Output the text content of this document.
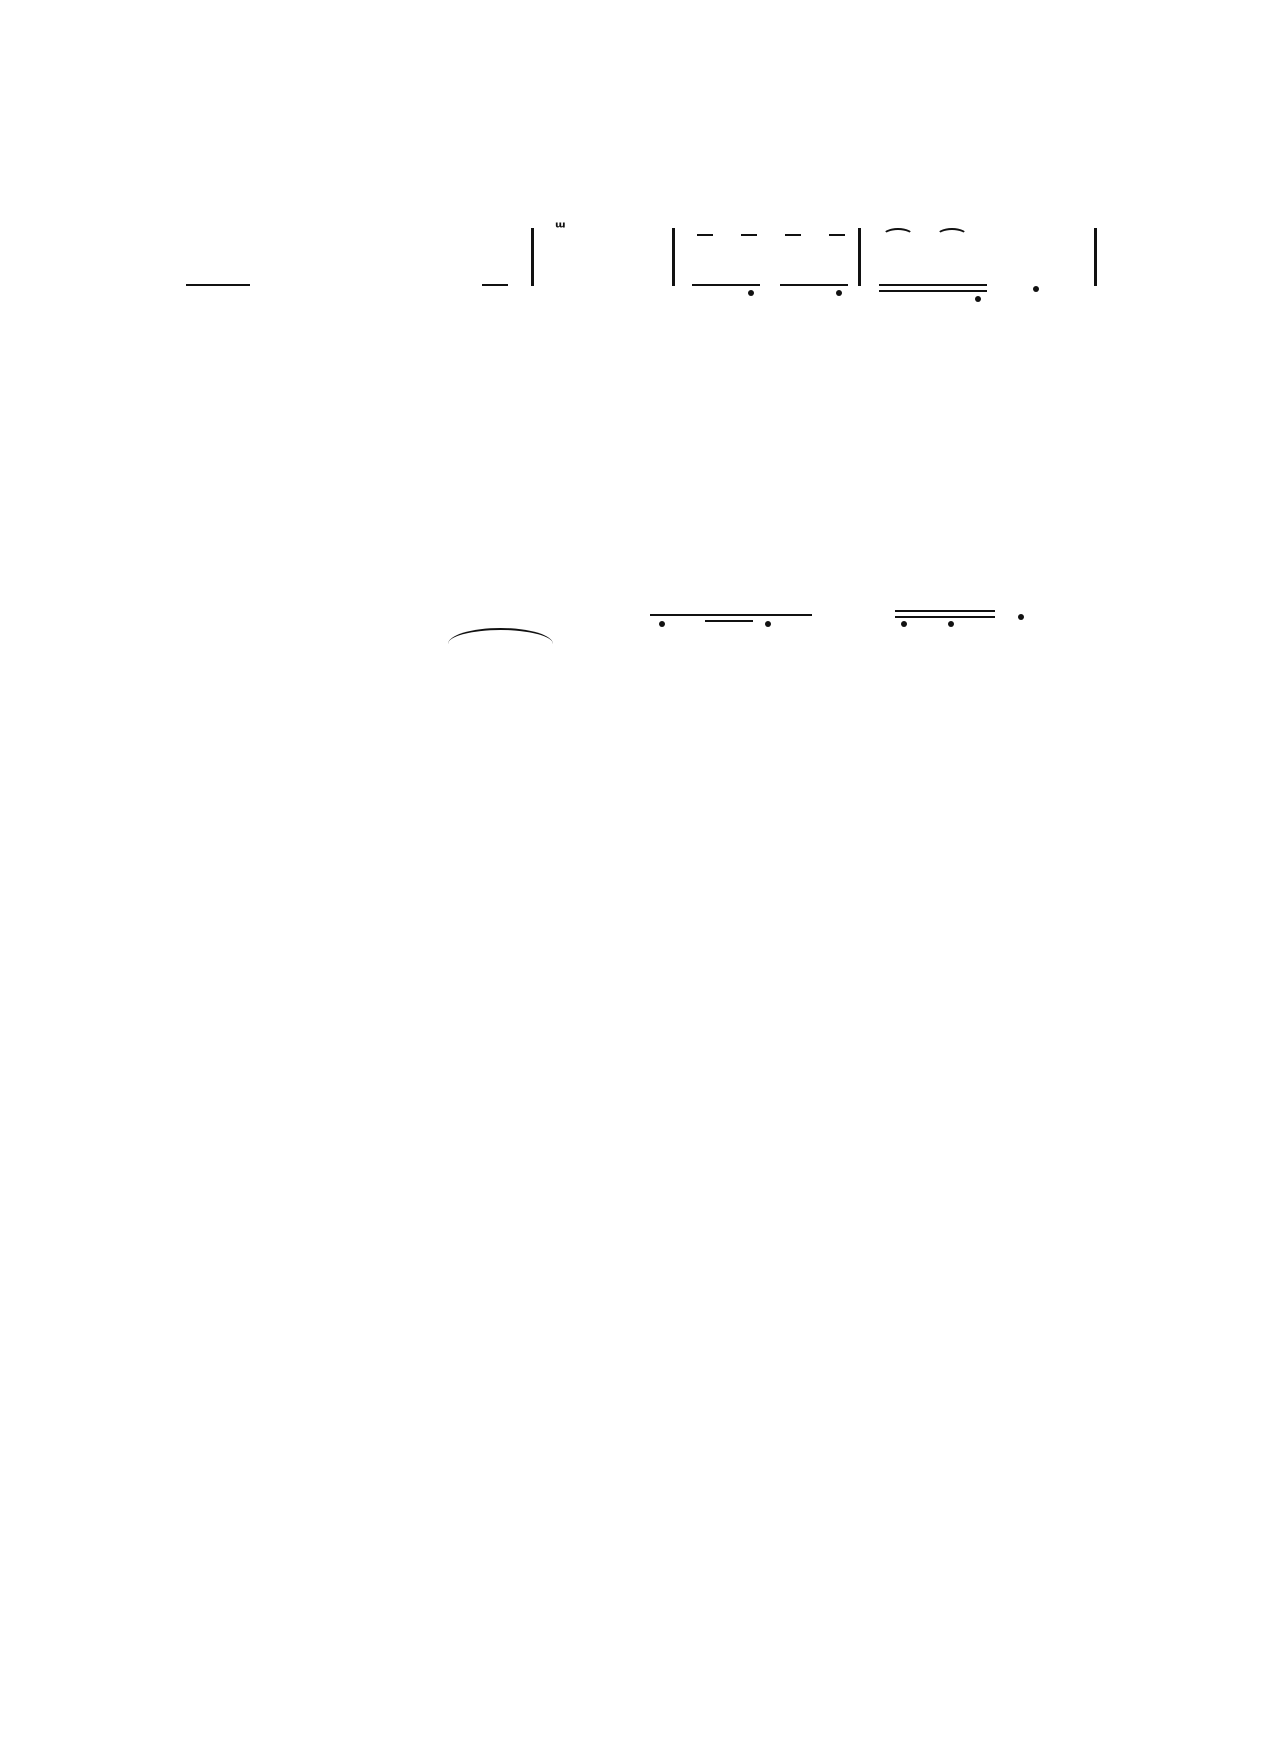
ᵚ
